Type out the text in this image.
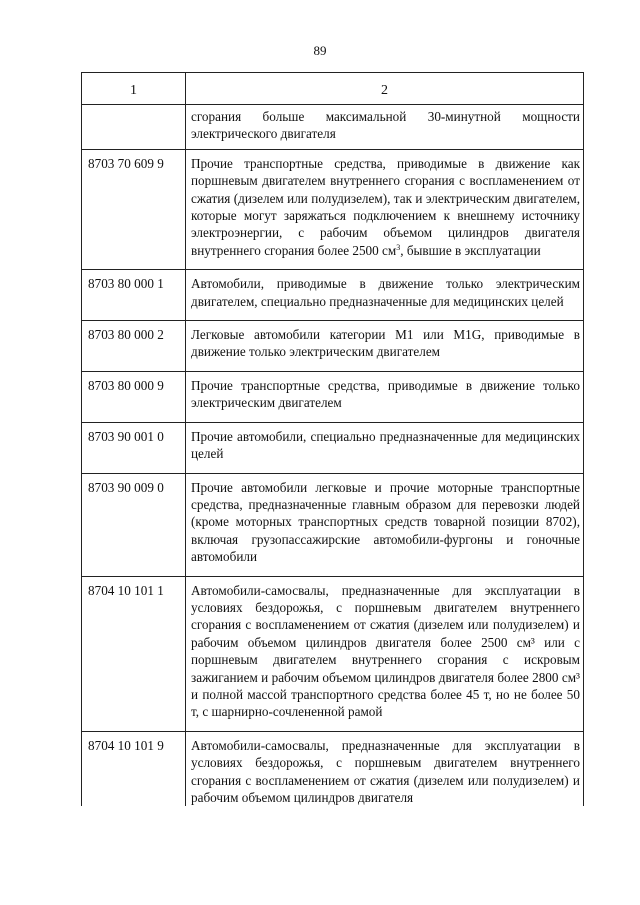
89
1	2
	сгорания больше максимальной 30-минутной мощности электрического двигателя
8703 70 609 9	Прочие транспортные средства, приводимые в движение как поршневым двигателем внутреннего сгорания с воспламенением от сжатия (дизелем или полудизелем), так и электрическим двигателем, которые могут заряжаться подключением к внешнему источнику электроэнергии, с рабочим объемом цилиндров двигателя внутреннего сгорания более 2500 $см^3$, бывшие в эксплуатации
8703 80 000 1	Автомобили, приводимые в движение только электрическим двигателем, специально предназначенные для медицинских целей
8703 80 000 2	Легковые автомобили категории M1 или M1G, приводимые в движение только электрическим двигателем
8703 80 000 9	Прочие транспортные средства, приводимые в движение только электрическим двигателем
8703 90 001 0	Прочие автомобили, специально предназначенные для медицинских целей
8703 90 009 0	Прочие автомобили легковые и прочие моторные транспортные средства, предназначенные главным образом для перевозки людей (кроме моторных транспортных средств товарной позиции 8702), включая грузопассажирские автомобили-фургоны и гоночные автомобили
8704 10 101 1	Автомобили-самосвалы, предназначенные для эксплуатации в условиях бездорожья, с поршневым двигателем внутреннего сгорания с воспламенением от сжатия (дизелем или полудизелем) и рабочим объемом цилиндров двигателя более 2500 см³ или с поршневым двигателем внутреннего сгорания с искровым зажиганием и рабочим объемом цилиндров двигателя более 2800 см³ и полной массой транспортного средства более 45 т, но не более 50 т, с шарнирно-сочлененной рамой
8704 10 101 9	Автомобили-самосвалы, предназначенные для эксплуатации в условиях бездорожья, с поршневым двигателем внутреннего сгорания с воспламенением от сжатия (дизелем или полудизелем) и рабочим объемом цилиндров двигателя
